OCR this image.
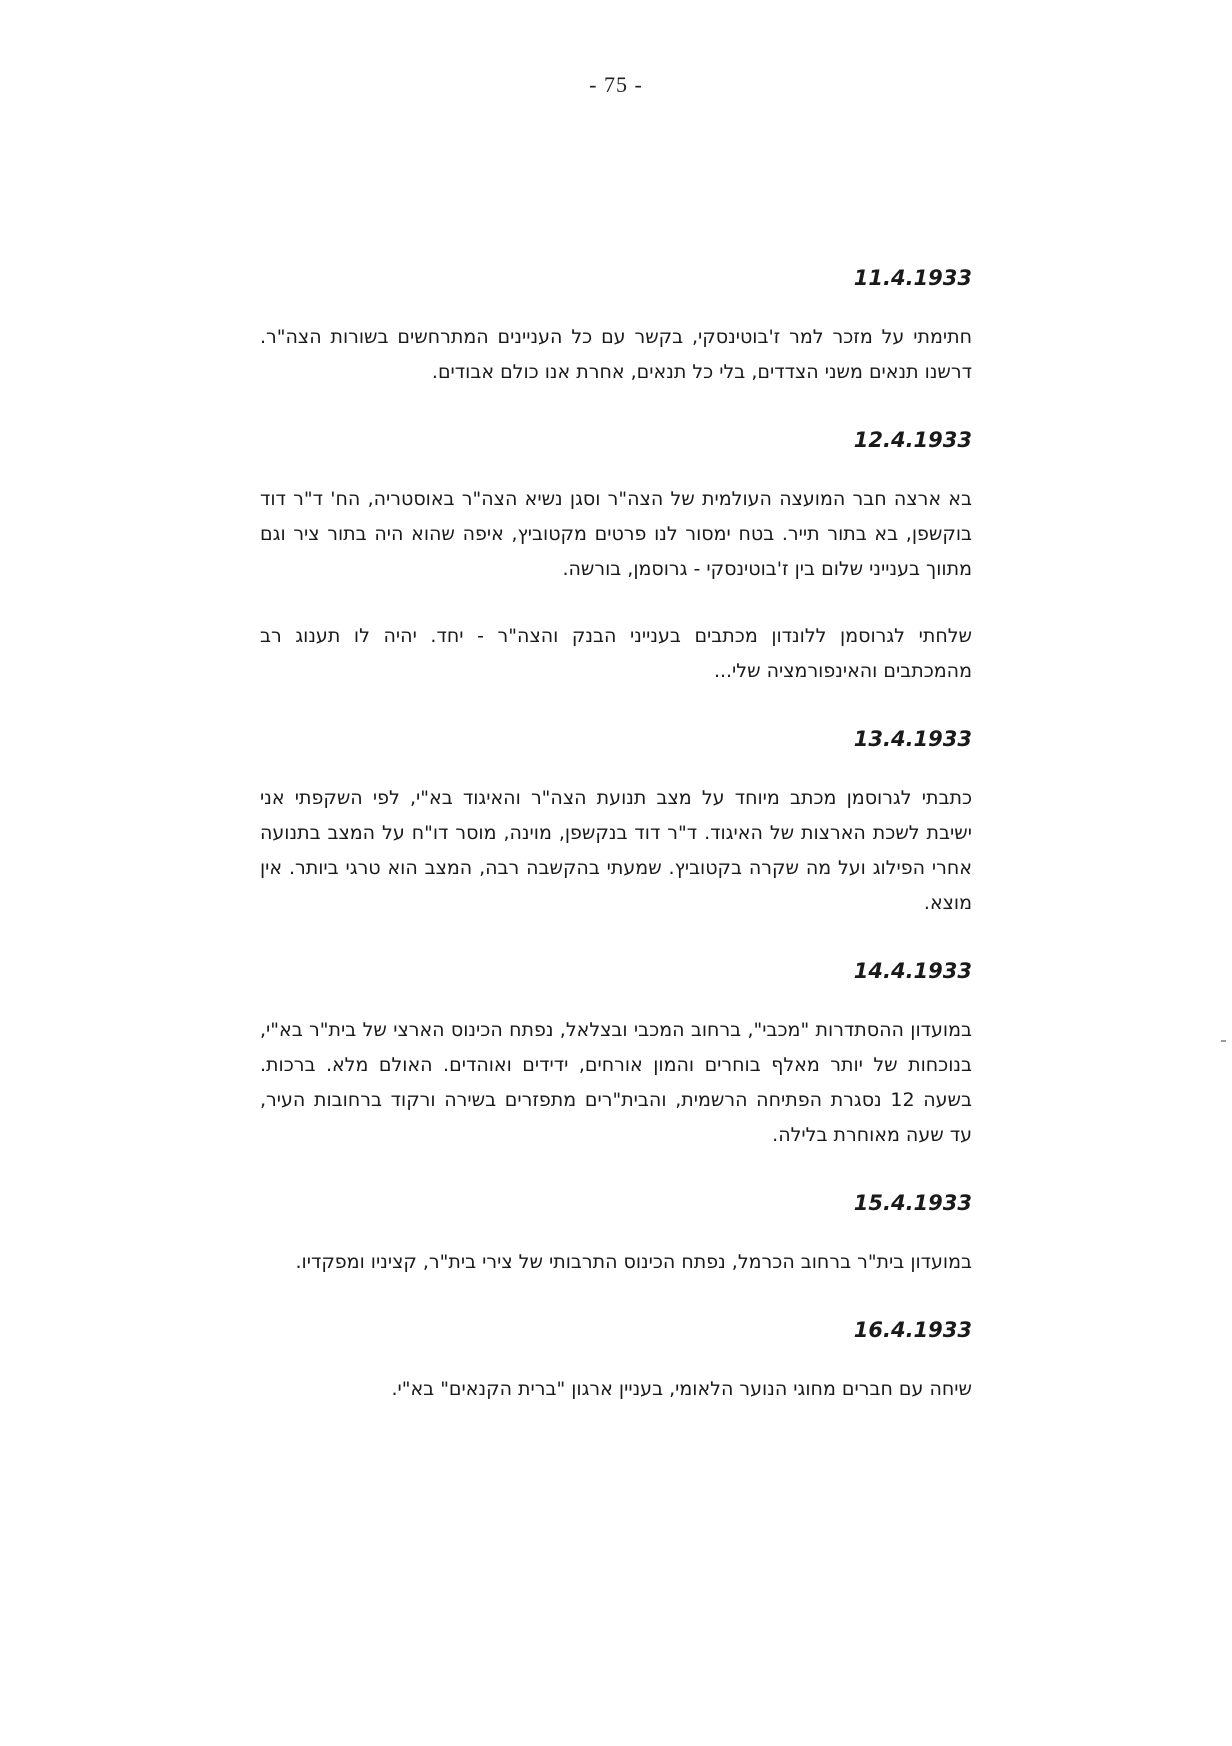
- 75 -

11.4.1933

חתימתי על מזכר למר ז'בוטינסקי, בקשר עם כל העניינים המתרחשים בשורות הצה"ר. דרשנו תנאים משני הצדדים, בלי כל תנאים, אחרת אנו כולם אבודים.

12.4.1933

בא ארצה חבר המועצה העולמית של הצה"ר וסגן נשיא הצה"ר באוסטריה, הח' ד"ר דוד בוקשפן, בא בתור תייר. בטח ימסור לנו פרטים מקטוביץ, איפה שהוא היה בתור ציר וגם מתווך בענייני שלום בין ז'בוטינסקי - גרוסמן, בורשה.

שלחתי לגרוסמן ללונדון מכתבים בענייני הבנק והצה"ר - יחד. יהיה לו תענוג רב מהמכתבים והאינפורמציה שלי...

13.4.1933

כתבתי לגרוסמן מכתב מיוחד על מצב תנועת הצה"ר והאיגוד בא"י, לפי השקפתי אני ישיבת לשכת הארצות של האיגוד. ד"ר דוד בנקשפן, מוינה, מוסר דו"ח על המצב בתנועה אחרי הפילוג ועל מה שקרה בקטוביץ. שמעתי בהקשבה רבה, המצב הוא טרגי ביותר. אין מוצא.

14.4.1933

במועדון ההסתדרות "מכבי", ברחוב המכבי ובצלאל, נפתח הכינוס הארצי של בית"ר בא"י, בנוכחות של יותר מאלף בוחרים והמון אורחים, ידידים ואוהדים. האולם מלא. ברכות. בשעה 12 נסגרת הפתיחה הרשמית, והבית"רים מתפזרים בשירה ורקוד ברחובות העיר, עד שעה מאוחרת בלילה.

15.4.1933

במועדון בית"ר ברחוב הכרמל, נפתח הכינוס התרבותי של צירי בית"ר, קציניו ומפקדיו.

16.4.1933

שיחה עם חברים מחוגי הנוער הלאומי, בעניין ארגון "ברית הקנאים" בא"י.
